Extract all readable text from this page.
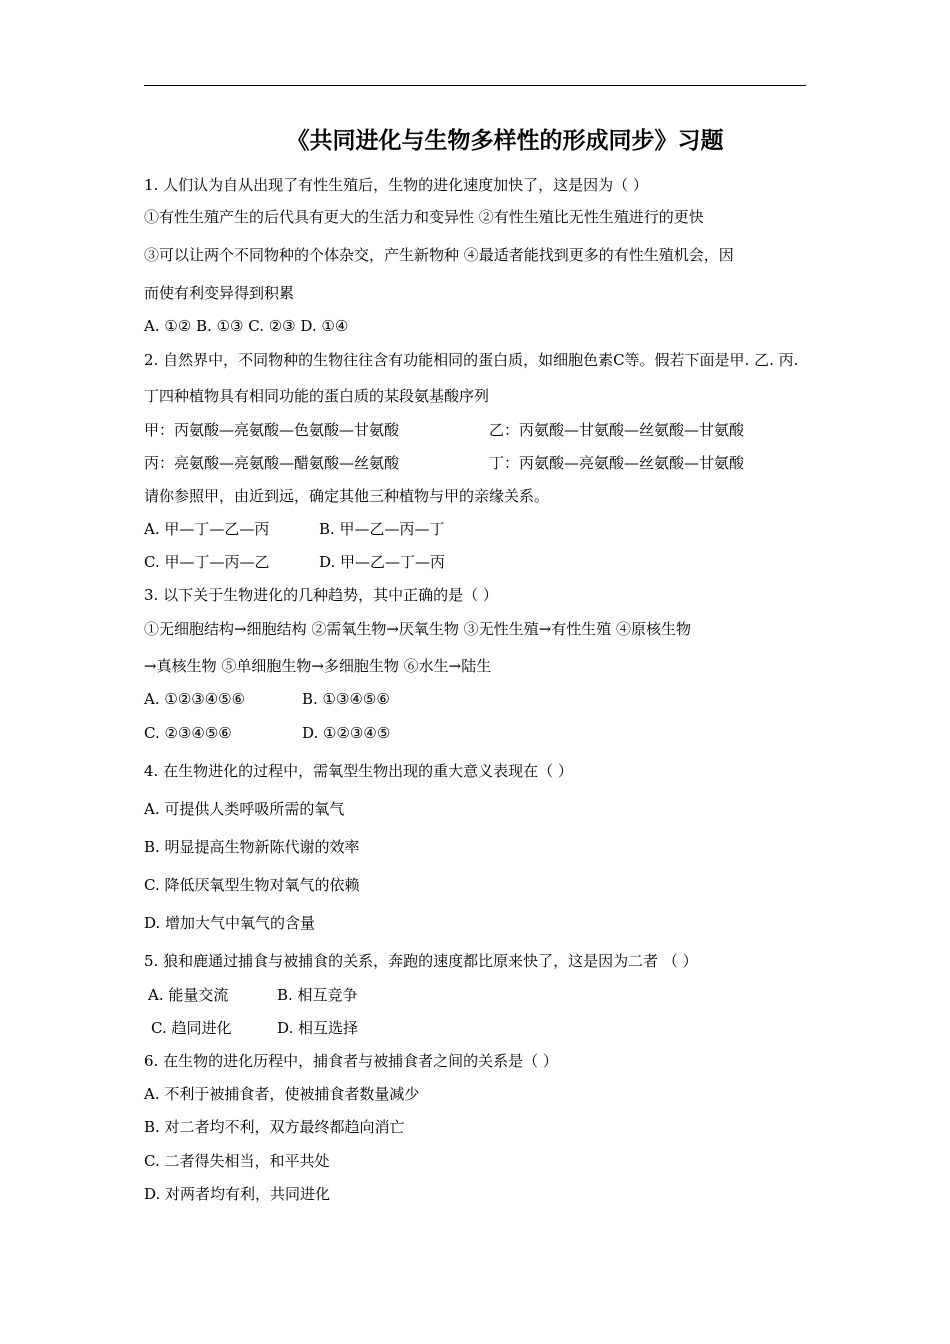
《共同进化与生物多样性的形成同步》习题
1. 人们认为自从出现了有性生殖后，生物的进化速度加快了，这是因为（ ）
①有性生殖产生的后代具有更大的生活力和变异性 ②有性生殖比无性生殖进行的更快
③可以让两个不同物种的个体杂交，产生新物种 ④最适者能找到更多的有性生殖机会，因
而使有利变异得到积累
A. ①② B. ①③ C. ②③ D. ①④
2. 自然界中，不同物种的生物往往含有功能相同的蛋白质，如细胞色素C等。假若下面是甲. 乙. 丙.
丁四种植物具有相同功能的蛋白质的某段氨基酸序列
甲：丙氨酸—亮氨酸—色氨酸—甘氨酸	乙：丙氨酸—甘氨酸—丝氨酸—甘氨酸
丙：亮氨酸—亮氨酸—醋氨酸—丝氨酸	丁：丙氨酸—亮氨酸—丝氨酸—甘氨酸
请你参照甲，由近到远，确定其他三种植物与甲的亲缘关系。
A. 甲—丁—乙—丙	B. 甲—乙—丙—丁
C. 甲—丁—丙—乙	D. 甲—乙—丁—丙
3. 以下关于生物进化的几种趋势，其中正确的是（ ）
①无细胞结构→细胞结构 ②需氧生物→厌氧生物 ③无性生殖→有性生殖 ④原核生物
→真核生物 ⑤单细胞生物→多细胞生物 ⑥水生→陆生
A. ①②③④⑤⑥	B. ①③④⑤⑥
C. ②③④⑤⑥	D. ①②③④⑤
4. 在生物进化的过程中，需氧型生物出现的重大意义表现在（ ）
A. 可提供人类呼吸所需的氧气
B. 明显提高生物新陈代谢的效率
C. 降低厌氧型生物对氧气的依赖
D. 增加大气中氧气的含量
5. 狼和鹿通过捕食与被捕食的关系，奔跑的速度都比原来快了，这是因为二者 （ ）
A. 能量交流	B. 相互竞争
C. 趋同进化	D. 相互选择
6. 在生物的进化历程中，捕食者与被捕食者之间的关系是（ ）
A. 不利于被捕食者，使被捕食者数量减少
B. 对二者均不利，双方最终都趋向消亡
C. 二者得失相当，和平共处
D. 对两者均有利，共同进化
